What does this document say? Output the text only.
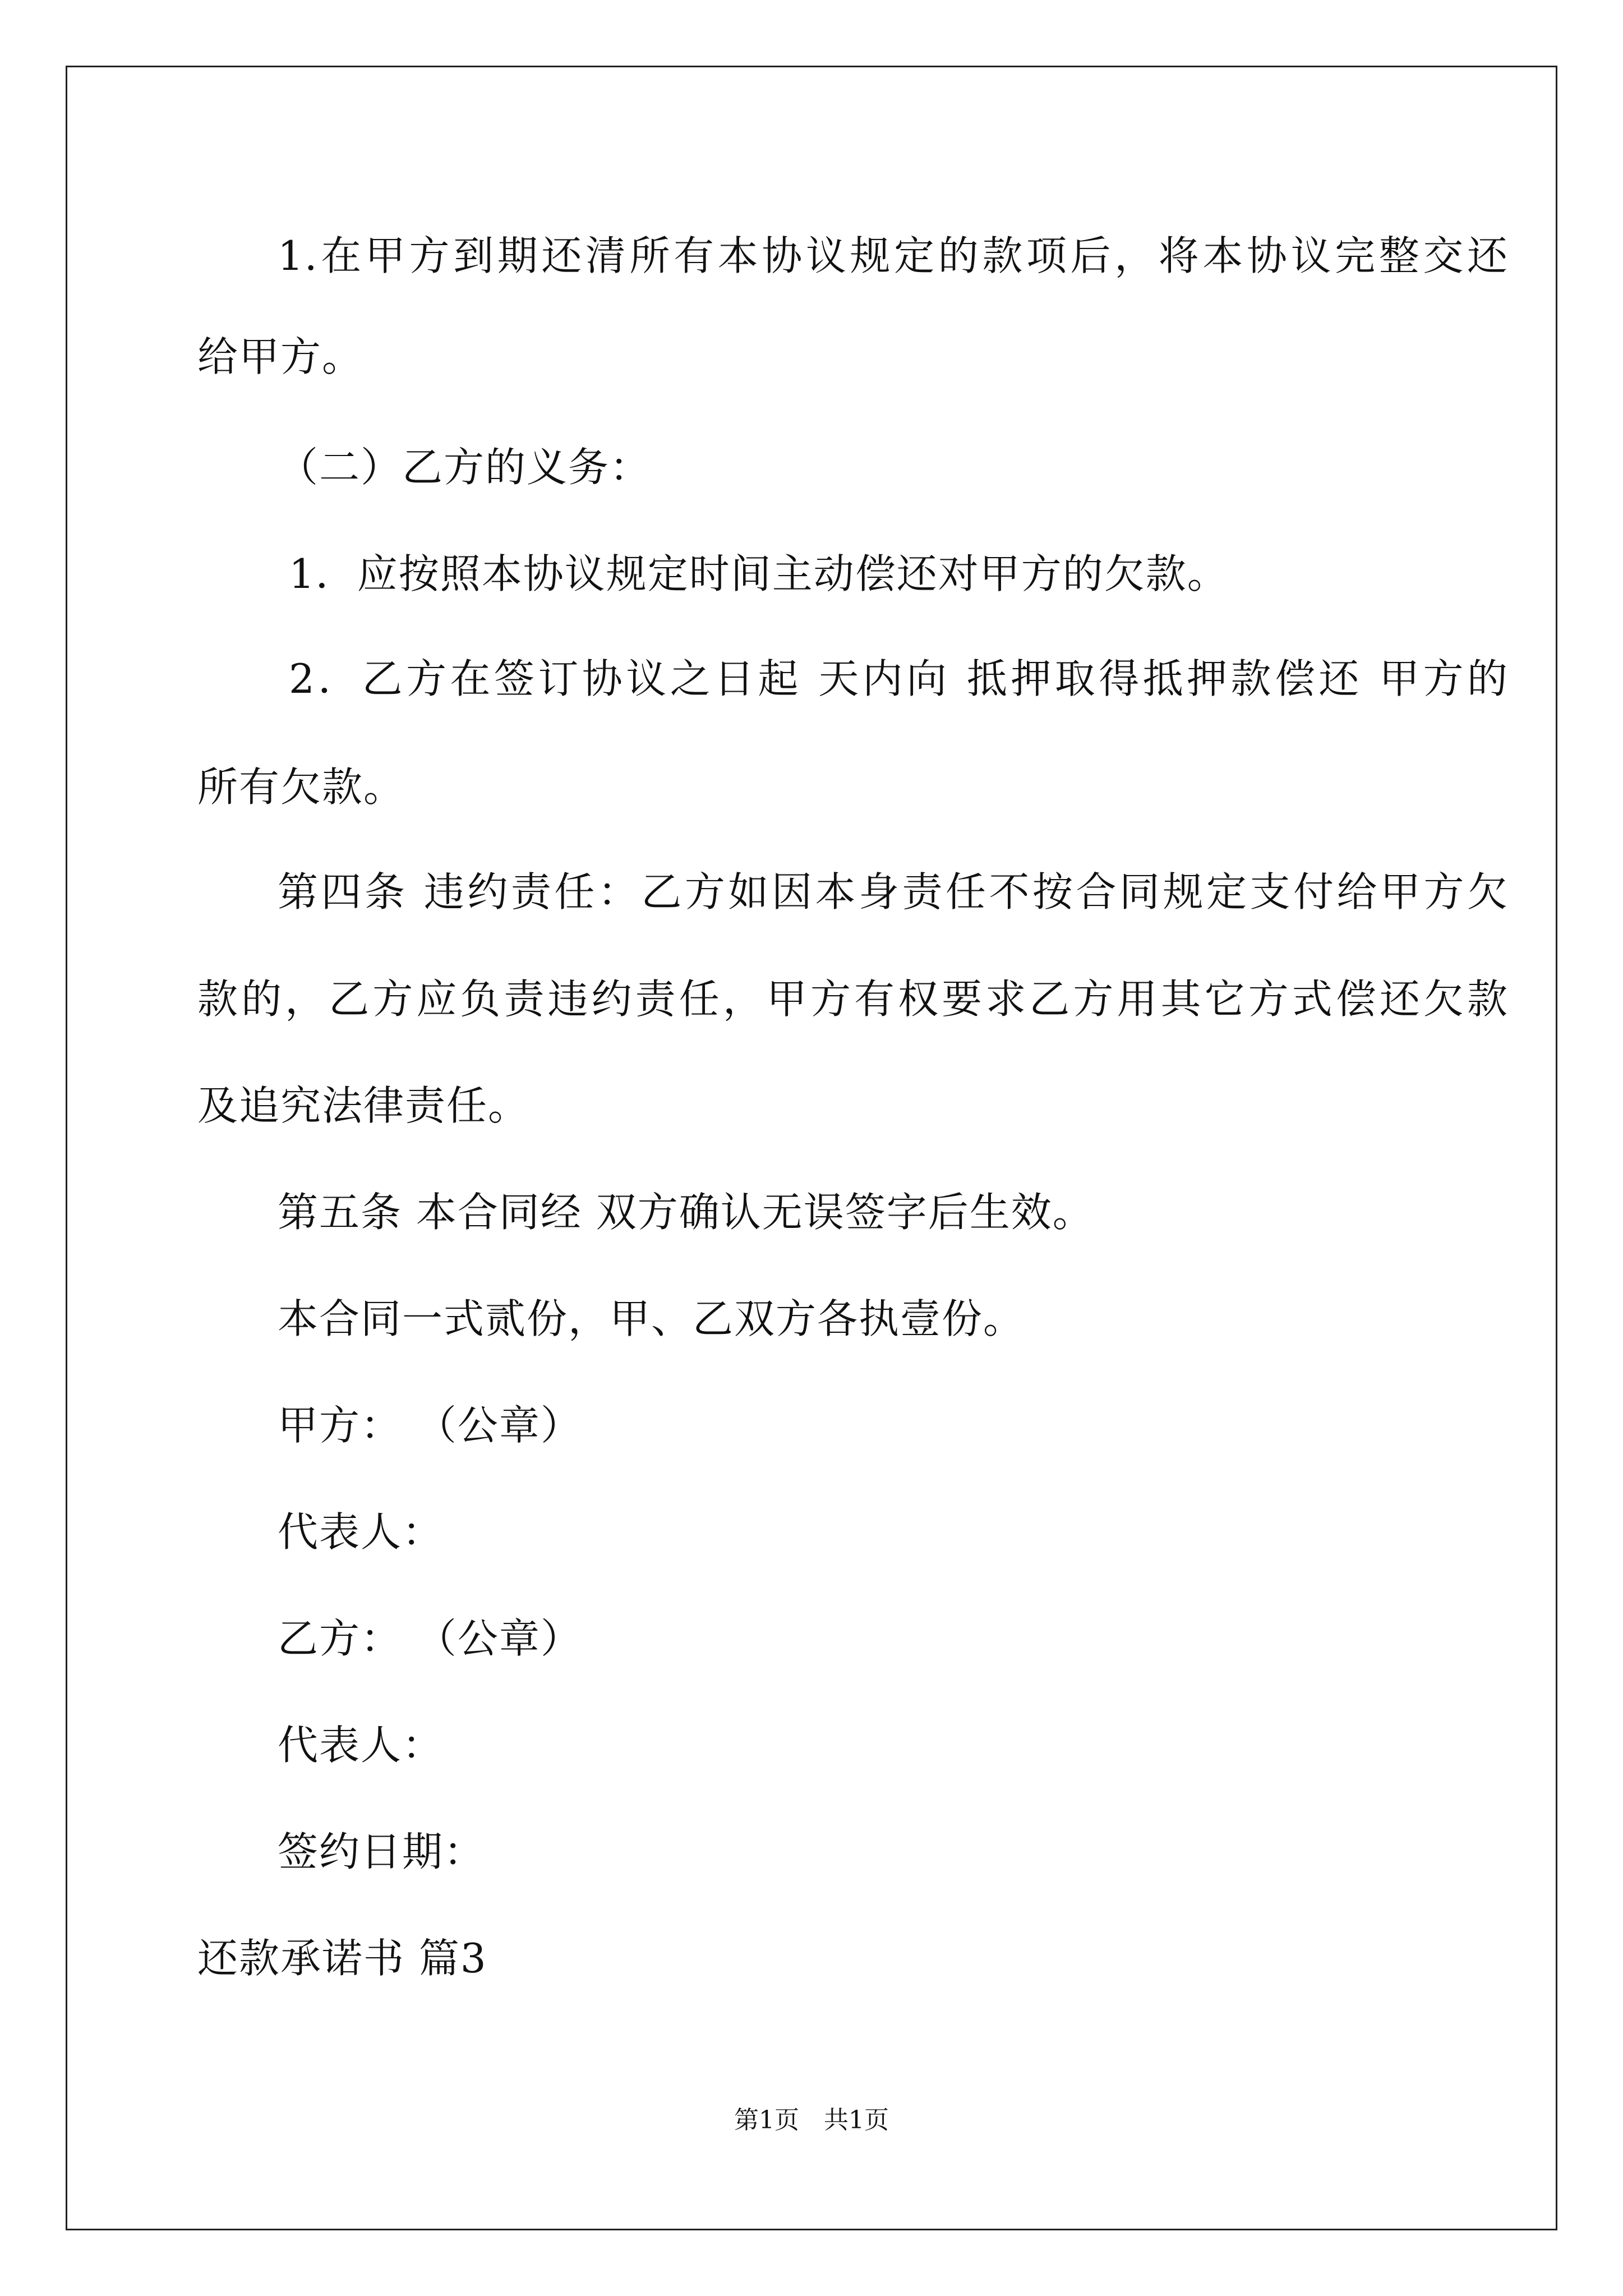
1.在甲方到期还清所有本协议规定的款项后，将本协议完整交还

给甲方。

（二）乙方的义务：

1．应按照本协议规定时间主动偿还对甲方的欠款。

2．乙方在签订协议之日起 天内向 抵押取得抵押款偿还 甲方的

所有欠款。

第四条 违约责任：乙方如因本身责任不按合同规定支付给甲方欠

款的，乙方应负责违约责任，甲方有权要求乙方用其它方式偿还欠款

及追究法律责任。

第五条 本合同经 双方确认无误签字后生效。

本合同一式贰份，甲、乙双方各执壹份。

甲方： （公章）

代表人：

乙方： （公章）

代表人：

签约日期：

还款承诺书 篇3

第1页　共1页
